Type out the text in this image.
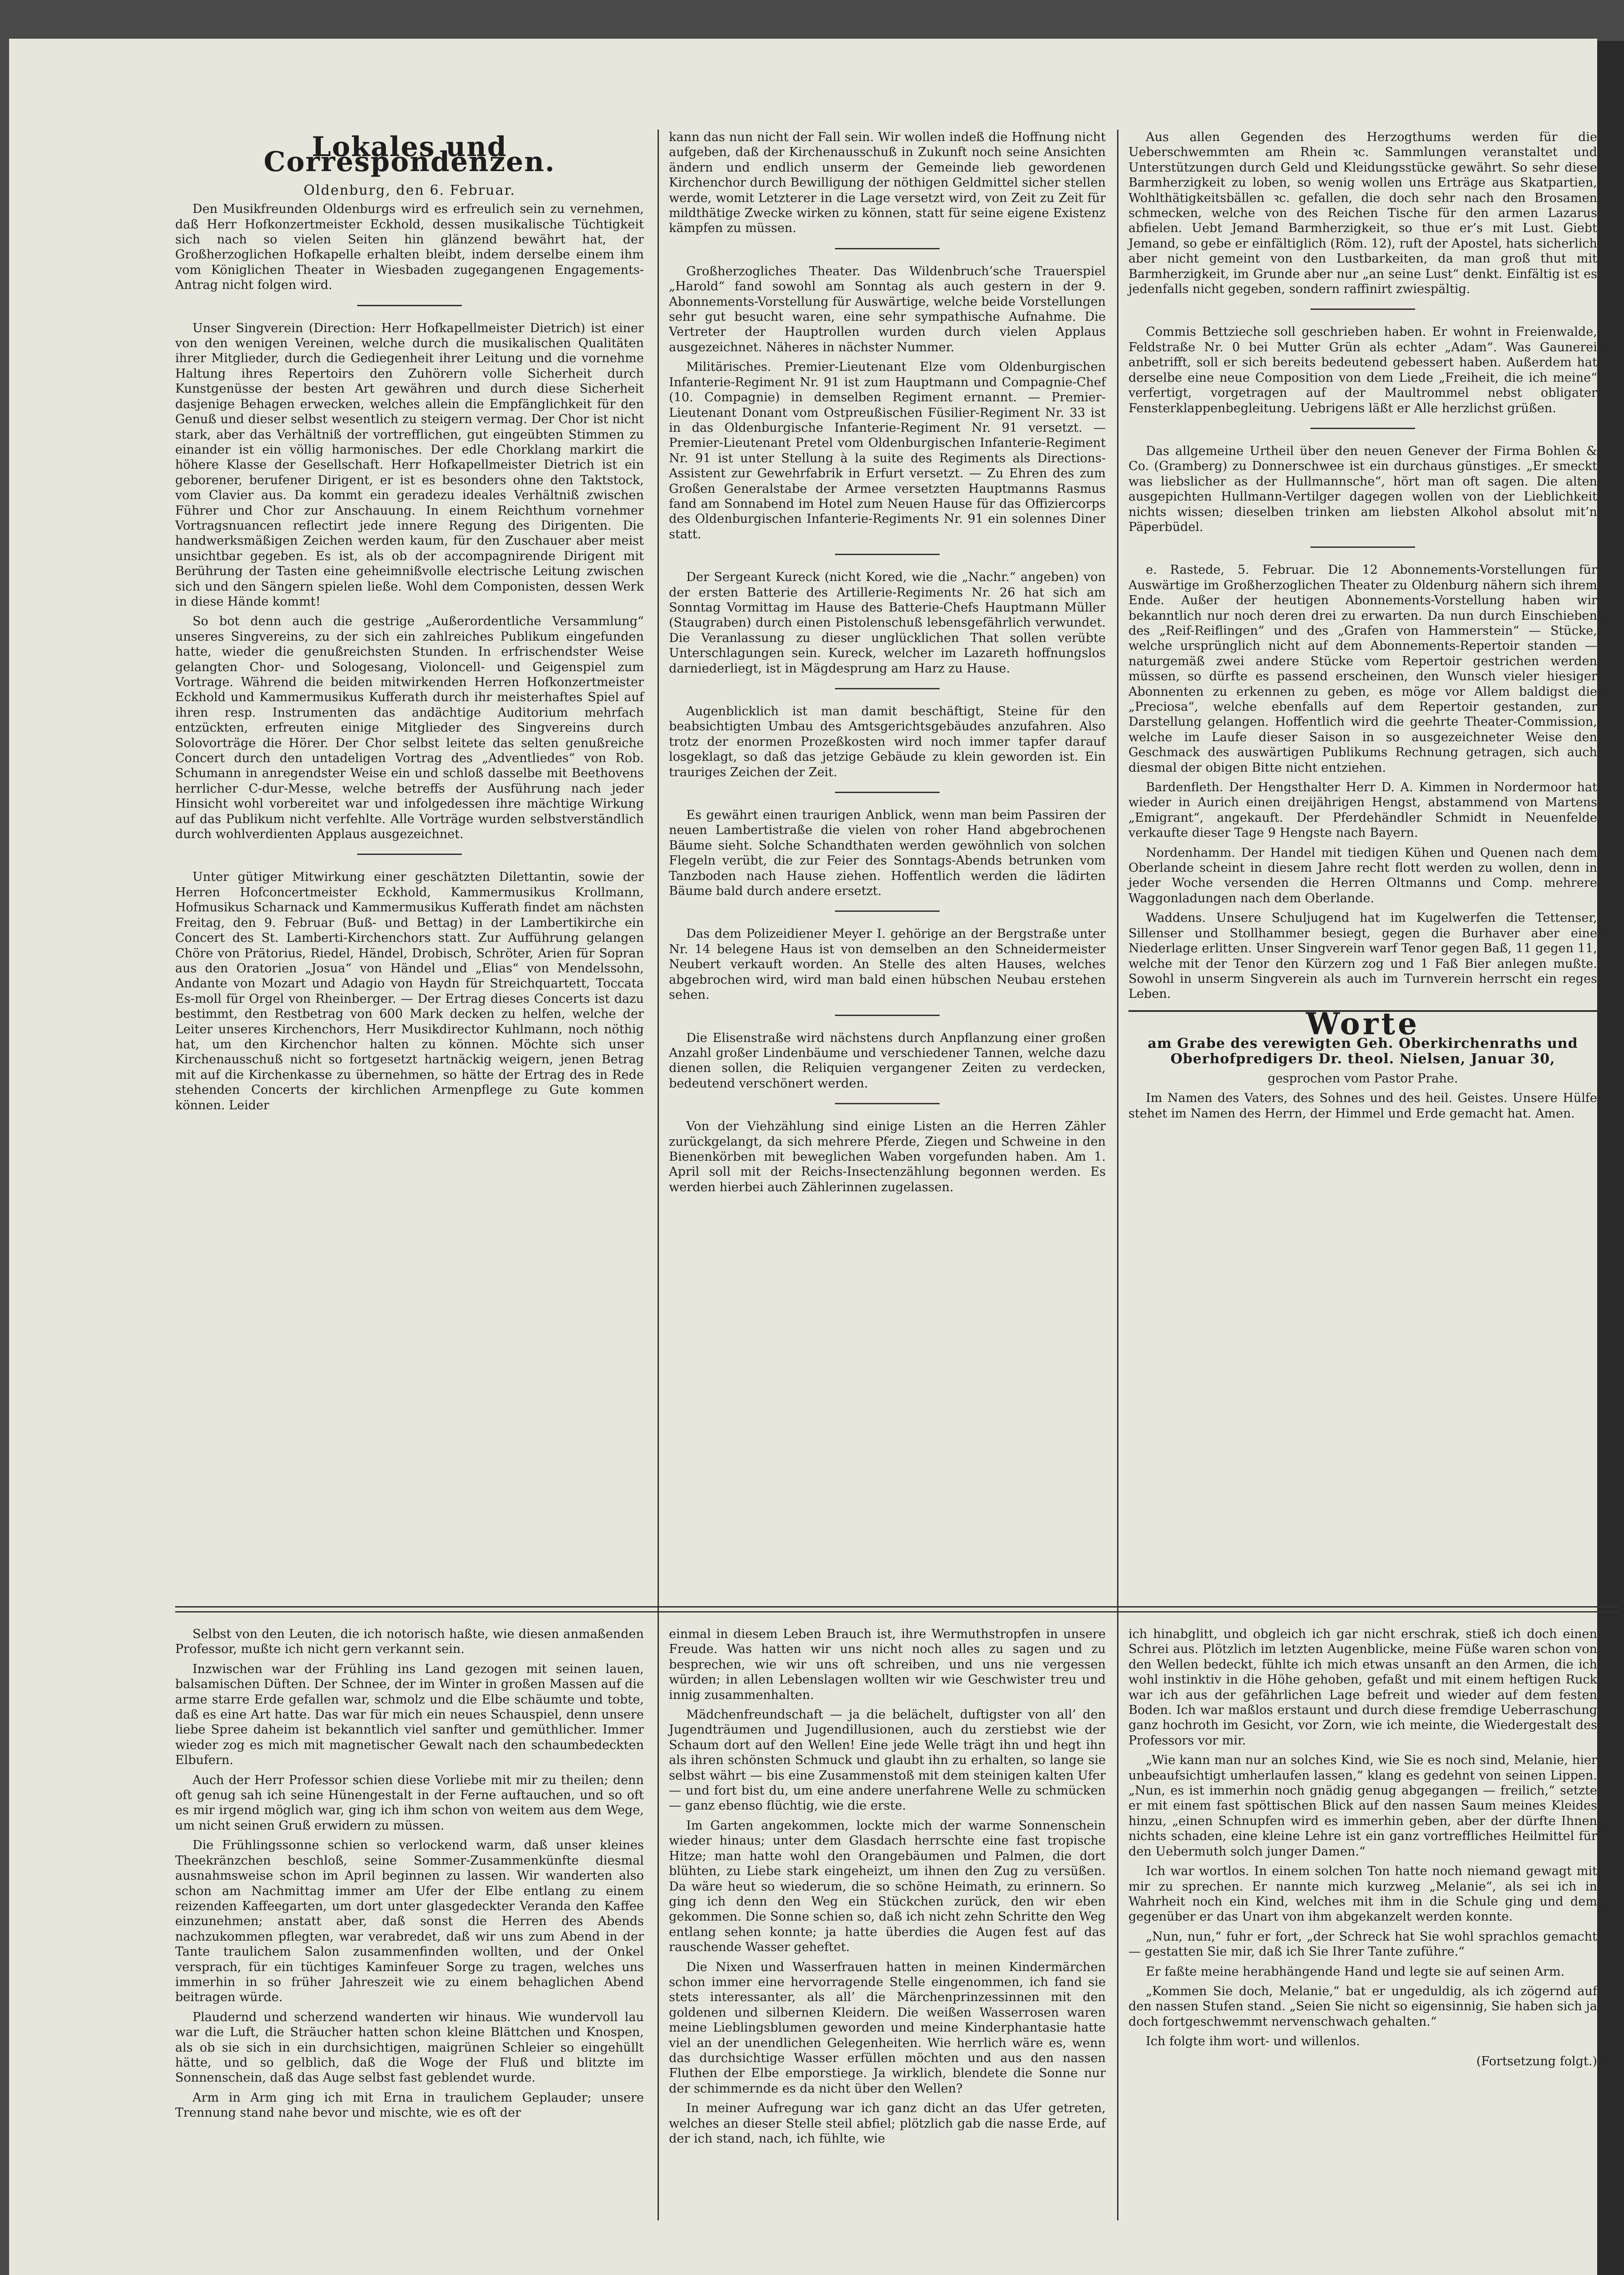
Lokales und Correspondenzen.
Oldenburg, den 6. Februar.

Den Musikfreunden Oldenburgs wird es erfreulich sein zu vernehmen, daß Herr Hofkonzertmeister Eckhold, dessen musikalische Tüchtigkeit sich nach so vielen Seiten hin glänzend bewährt hat, der Großherzoglichen Hofkapelle erhalten bleibt, indem derselbe einem ihm vom Königlichen Theater in Wiesbaden zugegangenen Engagements-Antrag nicht folgen wird.

Unser Singverein (Direction: Herr Hofkapellmeister Dietrich) ist einer von den wenigen Vereinen, welche durch die musikalischen Qualitäten ihrer Mitglieder, durch die Gediegenheit ihrer Leitung und die vornehme Haltung ihres Repertoirs den Zuhörern volle Sicherheit durch Kunstgenüsse der besten Art gewähren und durch diese Sicherheit dasjenige Behagen erwecken, welches allein die Empfänglichkeit für den Genuß und dieser selbst wesentlich zu steigern vermag. Der Chor ist nicht stark, aber das Verhältniß der vortrefflichen, gut eingeübten Stimmen zu einander ist ein völlig harmonisches. Der edle Chorklang markirt die höhere Klasse der Gesellschaft. Herr Hofkapellmeister Dietrich ist ein geborener, berufener Dirigent, er ist es besonders ohne den Taktstock, vom Clavier aus. Da kommt ein geradezu ideales Verhältniß zwischen Führer und Chor zur Anschauung. In einem Reichthum vornehmer Vortragsnuancen reflectirt jede innere Regung des Dirigenten. Die handwerksmäßigen Zeichen werden kaum, für den Zuschauer aber meist unsichtbar gegeben. Es ist, als ob der accompagnirende Dirigent mit Berührung der Tasten eine geheimnißvolle electrische Leitung zwischen sich und den Sängern spielen ließe. Wohl dem Componisten, dessen Werk in diese Hände kommt!

So bot denn auch die gestrige „Außerordentliche Versammlung“ unseres Singvereins, zu der sich ein zahlreiches Publikum eingefunden hatte, wieder die genußreichsten Stunden. In erfrischendster Weise gelangten Chor- und Sologesang, Violoncell- und Geigenspiel zum Vortrage. Während die beiden mitwirkenden Herren Hofkonzertmeister Eckhold und Kammermusikus Kufferath durch ihr meisterhaftes Spiel auf ihren resp. Instrumenten das andächtige Auditorium mehrfach entzückten, erfreuten einige Mitglieder des Singvereins durch Solovorträge die Hörer. Der Chor selbst leitete das selten genußreiche Concert durch den untadeligen Vortrag des „Adventliedes“ von Rob. Schumann in anregendster Weise ein und schloß dasselbe mit Beethovens herrlicher C-dur-Messe, welche betreffs der Ausführung nach jeder Hinsicht wohl vorbereitet war und infolgedessen ihre mächtige Wirkung auf das Publikum nicht verfehlte. Alle Vorträge wurden selbstverständlich durch wohlverdienten Applaus ausgezeichnet.

Unter gütiger Mitwirkung einer geschätzten Dilettantin, sowie der Herren Hofconcertmeister Eckhold, Kammermusikus Krollmann, Hofmusikus Scharnack und Kammermusikus Kufferath findet am nächsten Freitag, den 9. Februar (Buß- und Bettag) in der Lambertikirche ein Concert des St. Lamberti-Kirchenchors statt. Zur Aufführung gelangen Chöre von Prätorius, Riedel, Händel, Drobisch, Schröter, Arien für Sopran aus den Oratorien „Josua“ von Händel und „Elias“ von Mendelssohn, Andante von Mozart und Adagio von Haydn für Streichquartett, Toccata Es-moll für Orgel von Rheinberger. — Der Ertrag dieses Concerts ist dazu bestimmt, den Restbetrag von 600 Mark decken zu helfen, welche der Leiter unseres Kirchenchors, Herr Musikdirector Kuhlmann, noch nöthig hat, um den Kirchenchor halten zu können. Möchte sich unser Kirchenausschuß nicht so fortgesetzt hartnäckig weigern, jenen Betrag mit auf die Kirchenkasse zu übernehmen, so hätte der Ertrag des in Rede stehenden Concerts der kirchlichen Armenpflege zu Gute kommen können. Leider

kann das nun nicht der Fall sein. Wir wollen indeß die Hoffnung nicht aufgeben, daß der Kirchenausschuß in Zukunft noch seine Ansichten ändern und endlich unserm der Gemeinde lieb gewordenen Kirchenchor durch Bewilligung der nöthigen Geldmittel sicher stellen werde, womit Letzterer in die Lage versetzt wird, von Zeit zu Zeit für mildthätige Zwecke wirken zu können, statt für seine eigene Existenz kämpfen zu müssen.

Großherzogliches Theater. Das Wildenbruch’sche Trauerspiel „Harold“ fand sowohl am Sonntag als auch gestern in der 9. Abonnements-Vorstellung für Auswärtige, welche beide Vorstellungen sehr gut besucht waren, eine sehr sympathische Aufnahme. Die Vertreter der Hauptrollen wurden durch vielen Applaus ausgezeichnet. Näheres in nächster Nummer.

Militärisches. Premier-Lieutenant Elze vom Oldenburgischen Infanterie-Regiment Nr. 91 ist zum Hauptmann und Compagnie-Chef (10. Compagnie) in demselben Regiment ernannt. — Premier-Lieutenant Donant vom Ostpreußischen Füsilier-Regiment Nr. 33 ist in das Oldenburgische Infanterie-Regiment Nr. 91 versetzt. — Premier-Lieutenant Pretel vom Oldenburgischen Infanterie-Regiment Nr. 91 ist unter Stellung à la suite des Regiments als Directions-Assistent zur Gewehrfabrik in Erfurt versetzt. — Zu Ehren des zum Großen Generalstabe der Armee versetzten Hauptmanns Rasmus fand am Sonnabend im Hotel zum Neuen Hause für das Offiziercorps des Oldenburgischen Infanterie-Regiments Nr. 91 ein solennes Diner statt.

Der Sergeant Kureck (nicht Kored, wie die „Nachr.“ angeben) von der ersten Batterie des Artillerie-Regiments Nr. 26 hat sich am Sonntag Vormittag im Hause des Batterie-Chefs Hauptmann Müller (Staugraben) durch einen Pistolenschuß lebensgefährlich verwundet. Die Veranlassung zu dieser unglücklichen That sollen verübte Unterschlagungen sein. Kureck, welcher im Lazareth hoffnungslos darniederliegt, ist in Mägdesprung am Harz zu Hause.

Augenblicklich ist man damit beschäftigt, Steine für den beabsichtigten Umbau des Amtsgerichtsgebäudes anzufahren. Also trotz der enormen Prozeßkosten wird noch immer tapfer darauf losgeklagt, so daß das jetzige Gebäude zu klein geworden ist. Ein trauriges Zeichen der Zeit.

Es gewährt einen traurigen Anblick, wenn man beim Passiren der neuen Lambertistraße die vielen von roher Hand abgebrochenen Bäume sieht. Solche Schandthaten werden gewöhnlich von solchen Flegeln verübt, die zur Feier des Sonntags-Abends betrunken vom Tanzboden nach Hause ziehen. Hoffentlich werden die lädirten Bäume bald durch andere ersetzt.

Das dem Polizeidiener Meyer I. gehörige an der Bergstraße unter Nr. 14 belegene Haus ist von demselben an den Schneidermeister Neubert verkauft worden. An Stelle des alten Hauses, welches abgebrochen wird, wird man bald einen hübschen Neubau erstehen sehen.

Die Elisenstraße wird nächstens durch Anpflanzung einer großen Anzahl großer Lindenbäume und verschiedener Tannen, welche dazu dienen sollen, die Reliquien vergangener Zeiten zu verdecken, bedeutend verschönert werden.

Von der Viehzählung sind einige Listen an die Herren Zähler zurückgelangt, da sich mehrere Pferde, Ziegen und Schweine in den Bienenkörben mit beweglichen Waben vorgefunden haben. Am 1. April soll mit der Reichs-Insectenzählung begonnen werden. Es werden hierbei auch Zählerinnen zugelassen.

Aus allen Gegenden des Herzogthums werden für die Ueberschwemmten am Rhein ꝛc. Sammlungen veranstaltet und Unterstützungen durch Geld und Kleidungsstücke gewährt. So sehr diese Barmherzigkeit zu loben, so wenig wollen uns Erträge aus Skatpartien, Wohlthätigkeitsbällen ꝛc. gefallen, die doch sehr nach den Brosamen schmecken, welche von des Reichen Tische für den armen Lazarus abfielen. Uebt Jemand Barmherzigkeit, so thue er’s mit Lust. Giebt Jemand, so gebe er einfältiglich (Röm. 12), ruft der Apostel, hats sicherlich aber nicht gemeint von den Lustbarkeiten, da man groß thut mit Barmherzigkeit, im Grunde aber nur „an seine Lust“ denkt. Einfältig ist es jedenfalls nicht gegeben, sondern raffinirt zwiespältig.

Commis Bettzieche soll geschrieben haben. Er wohnt in Freienwalde, Feldstraße Nr. 0 bei Mutter Grün als echter „Adam“. Was Gaunerei anbetrifft, soll er sich bereits bedeutend gebessert haben. Außerdem hat derselbe eine neue Composition von dem Liede „Freiheit, die ich meine“ verfertigt, vorgetragen auf der Maultrommel nebst obligater Fensterklappenbegleitung. Uebrigens läßt er Alle herzlichst grüßen.

Das allgemeine Urtheil über den neuen Genever der Firma Bohlen & Co. (Gramberg) zu Donnerschwee ist ein durchaus günstiges. „Er smeckt was liebslicher as der Hullmannsche“, hört man oft sagen. Die alten ausgepichten Hullmann-Vertilger dagegen wollen von der Lieblichkeit nichts wissen; dieselben trinken am liebsten Alkohol absolut mit’n Päperbüdel.

e. Rastede, 5. Februar. Die 12 Abonnements-Vorstellungen für Auswärtige im Großherzoglichen Theater zu Oldenburg nähern sich ihrem Ende. Außer der heutigen Abonnements-Vorstellung haben wir bekanntlich nur noch deren drei zu erwarten. Da nun durch Einschieben des „Reif-Reiflingen“ und des „Grafen von Hammerstein“ — Stücke, welche ursprünglich nicht auf dem Abonnements-Repertoir standen — naturgemäß zwei andere Stücke vom Repertoir gestrichen werden müssen, so dürfte es passend erscheinen, den Wunsch vieler hiesiger Abonnenten zu erkennen zu geben, es möge vor Allem baldigst die „Preciosa“, welche ebenfalls auf dem Repertoir gestanden, zur Darstellung gelangen. Hoffentlich wird die geehrte Theater-Commission, welche im Laufe dieser Saison in so ausgezeichneter Weise den Geschmack des auswärtigen Publikums Rechnung getragen, sich auch diesmal der obigen Bitte nicht entziehen.

Bardenfleth. Der Hengsthalter Herr D. A. Kimmen in Nordermoor hat wieder in Aurich einen dreijährigen Hengst, abstammend von Martens „Emigrant“, angekauft. Der Pferdehändler Schmidt in Neuenfelde verkaufte dieser Tage 9 Hengste nach Bayern.

Nordenhamm. Der Handel mit tiedigen Kühen und Quenen nach dem Oberlande scheint in diesem Jahre recht flott werden zu wollen, denn in jeder Woche versenden die Herren Oltmanns und Comp. mehrere Waggonladungen nach dem Oberlande.

Waddens. Unsere Schuljugend hat im Kugelwerfen die Tettenser, Sillenser und Stollhammer besiegt, gegen die Burhaver aber eine Niederlage erlitten. Unser Singverein warf Tenor gegen Baß, 11 gegen 11, welche mit der Tenor den Kürzern zog und 1 Faß Bier anlegen mußte. Sowohl in unserm Singverein als auch im Turnverein herrscht ein reges Leben.

Worte

am Grabe des verewigten Geh. Oberkirchenraths und Oberhofpredigers Dr. theol. Nielsen, Januar 30,

gesprochen vom Pastor Prahe.

Im Namen des Vaters, des Sohnes und des heil. Geistes. Unsere Hülfe stehet im Namen des Herrn, der Himmel und Erde gemacht hat. Amen.

Selbst von den Leuten, die ich notorisch haßte, wie diesen anmaßenden Professor, mußte ich nicht gern verkannt sein.

Inzwischen war der Frühling ins Land gezogen mit seinen lauen, balsamischen Düften. Der Schnee, der im Winter in großen Massen auf die arme starre Erde gefallen war, schmolz und die Elbe schäumte und tobte, daß es eine Art hatte. Das war für mich ein neues Schauspiel, denn unsere liebe Spree daheim ist bekanntlich viel sanfter und gemüthlicher. Immer wieder zog es mich mit magnetischer Gewalt nach den schaumbedeckten Elbufern.

Auch der Herr Professor schien diese Vorliebe mit mir zu theilen; denn oft genug sah ich seine Hünengestalt in der Ferne auftauchen, und so oft es mir irgend möglich war, ging ich ihm schon von weitem aus dem Wege, um nicht seinen Gruß erwidern zu müssen.

Die Frühlingssonne schien so verlockend warm, daß unser kleines Theekränzchen beschloß, seine Sommer-Zusammenkünfte diesmal ausnahmsweise schon im April beginnen zu lassen. Wir wanderten also schon am Nachmittag immer am Ufer der Elbe entlang zu einem reizenden Kaffeegarten, um dort unter glasgedeckter Veranda den Kaffee einzunehmen; anstatt aber, daß sonst die Herren des Abends nachzukommen pflegten, war verabredet, daß wir uns zum Abend in der Tante traulichem Salon zusammenfinden wollten, und der Onkel versprach, für ein tüchtiges Kaminfeuer Sorge zu tragen, welches uns immerhin in so früher Jahreszeit wie zu einem behaglichen Abend beitragen würde.

Plaudernd und scherzend wanderten wir hinaus. Wie wundervoll lau war die Luft, die Sträucher hatten schon kleine Blättchen und Knospen, als ob sie sich in ein durchsichtigen, maigrünen Schleier so eingehüllt hätte, und so gelblich, daß die Woge der Fluß und blitzte im Sonnenschein, daß das Auge selbst fast geblendet wurde.

Arm in Arm ging ich mit Erna in traulichem Geplauder; unsere Trennung stand nahe bevor und mischte, wie es oft der

einmal in diesem Leben Brauch ist, ihre Wermuthstropfen in unsere Freude. Was hatten wir uns nicht noch alles zu sagen und zu besprechen, wie wir uns oft schreiben, und uns nie vergessen würden; in allen Lebenslagen wollten wir wie Geschwister treu und innig zusammenhalten.

Mädchenfreundschaft — ja die belächelt, duftigster von all’ den Jugendträumen und Jugendillusionen, auch du zerstiebst wie der Schaum dort auf den Wellen! Eine jede Welle trägt ihn und hegt ihn als ihren schönsten Schmuck und glaubt ihn zu erhalten, so lange sie selbst währt — bis eine Zusammenstoß mit dem steinigen kalten Ufer — und fort bist du, um eine andere unerfahrene Welle zu schmücken — ganz ebenso flüchtig, wie die erste.

Im Garten angekommen, lockte mich der warme Sonnenschein wieder hinaus; unter dem Glasdach herrschte eine fast tropische Hitze; man hatte wohl den Orangebäumen und Palmen, die dort blühten, zu Liebe stark eingeheizt, um ihnen den Zug zu versüßen. Da wäre heut so wiederum, die so schöne Heimath, zu erinnern. So ging ich denn den Weg ein Stückchen zurück, den wir eben gekommen. Die Sonne schien so, daß ich nicht zehn Schritte den Weg entlang sehen konnte; ja hatte überdies die Augen fest auf das rauschende Wasser geheftet.

Die Nixen und Wasserfrauen hatten in meinen Kindermärchen schon immer eine hervorragende Stelle eingenommen, ich fand sie stets interessanter, als all’ die Märchenprinzessinnen mit den goldenen und silbernen Kleidern. Die weißen Wasserrosen waren meine Lieblingsblumen geworden und meine Kinderphantasie hatte viel an der unendlichen Gelegenheiten. Wie herrlich wäre es, wenn das durchsichtige Wasser erfüllen möchten und aus den nassen Fluthen der Elbe emporstiege. Ja wirklich, blendete die Sonne nur der schimmernde es da nicht über den Wellen?

In meiner Aufregung war ich ganz dicht an das Ufer getreten, welches an dieser Stelle steil abfiel; plötzlich gab die nasse Erde, auf der ich stand, nach, ich fühlte, wie

ich hinabglitt, und obgleich ich gar nicht erschrak, stieß ich doch einen Schrei aus. Plötzlich im letzten Augenblicke, meine Füße waren schon von den Wellen bedeckt, fühlte ich mich etwas unsanft an den Armen, die ich wohl instinktiv in die Höhe gehoben, gefaßt und mit einem heftigen Ruck war ich aus der gefährlichen Lage befreit und wieder auf dem festen Boden. Ich war maßlos erstaunt und durch diese fremdige Ueberraschung ganz hochroth im Gesicht, vor Zorn, wie ich meinte, die Wiedergestalt des Professors vor mir.

„Wie kann man nur an solches Kind, wie Sie es noch sind, Melanie, hier unbeaufsichtigt umherlaufen lassen,“ klang es gedehnt von seinen Lippen. „Nun, es ist immerhin noch gnädig genug abgegangen — freilich,“ setzte er mit einem fast spöttischen Blick auf den nassen Saum meines Kleides hinzu, „einen Schnupfen wird es immerhin geben, aber der dürfte Ihnen nichts schaden, eine kleine Lehre ist ein ganz vortreffliches Heilmittel für den Uebermuth solch junger Damen.“

Ich war wortlos. In einem solchen Ton hatte noch niemand gewagt mit mir zu sprechen. Er nannte mich kurzweg „Melanie“, als sei ich in Wahrheit noch ein Kind, welches mit ihm in die Schule ging und dem gegenüber er das Unart von ihm abgekanzelt werden konnte.

„Nun, nun,“ fuhr er fort, „der Schreck hat Sie wohl sprachlos gemacht — gestatten Sie mir, daß ich Sie Ihrer Tante zuführe.“

Er faßte meine herabhängende Hand und legte sie auf seinen Arm.

„Kommen Sie doch, Melanie,“ bat er ungeduldig, als ich zögernd auf den nassen Stufen stand. „Seien Sie nicht so eigensinnig, Sie haben sich ja doch fortgeschwemmt nervenschwach gehalten.“

Ich folgte ihm wort- und willenlos.

(Fortsetzung folgt.)
